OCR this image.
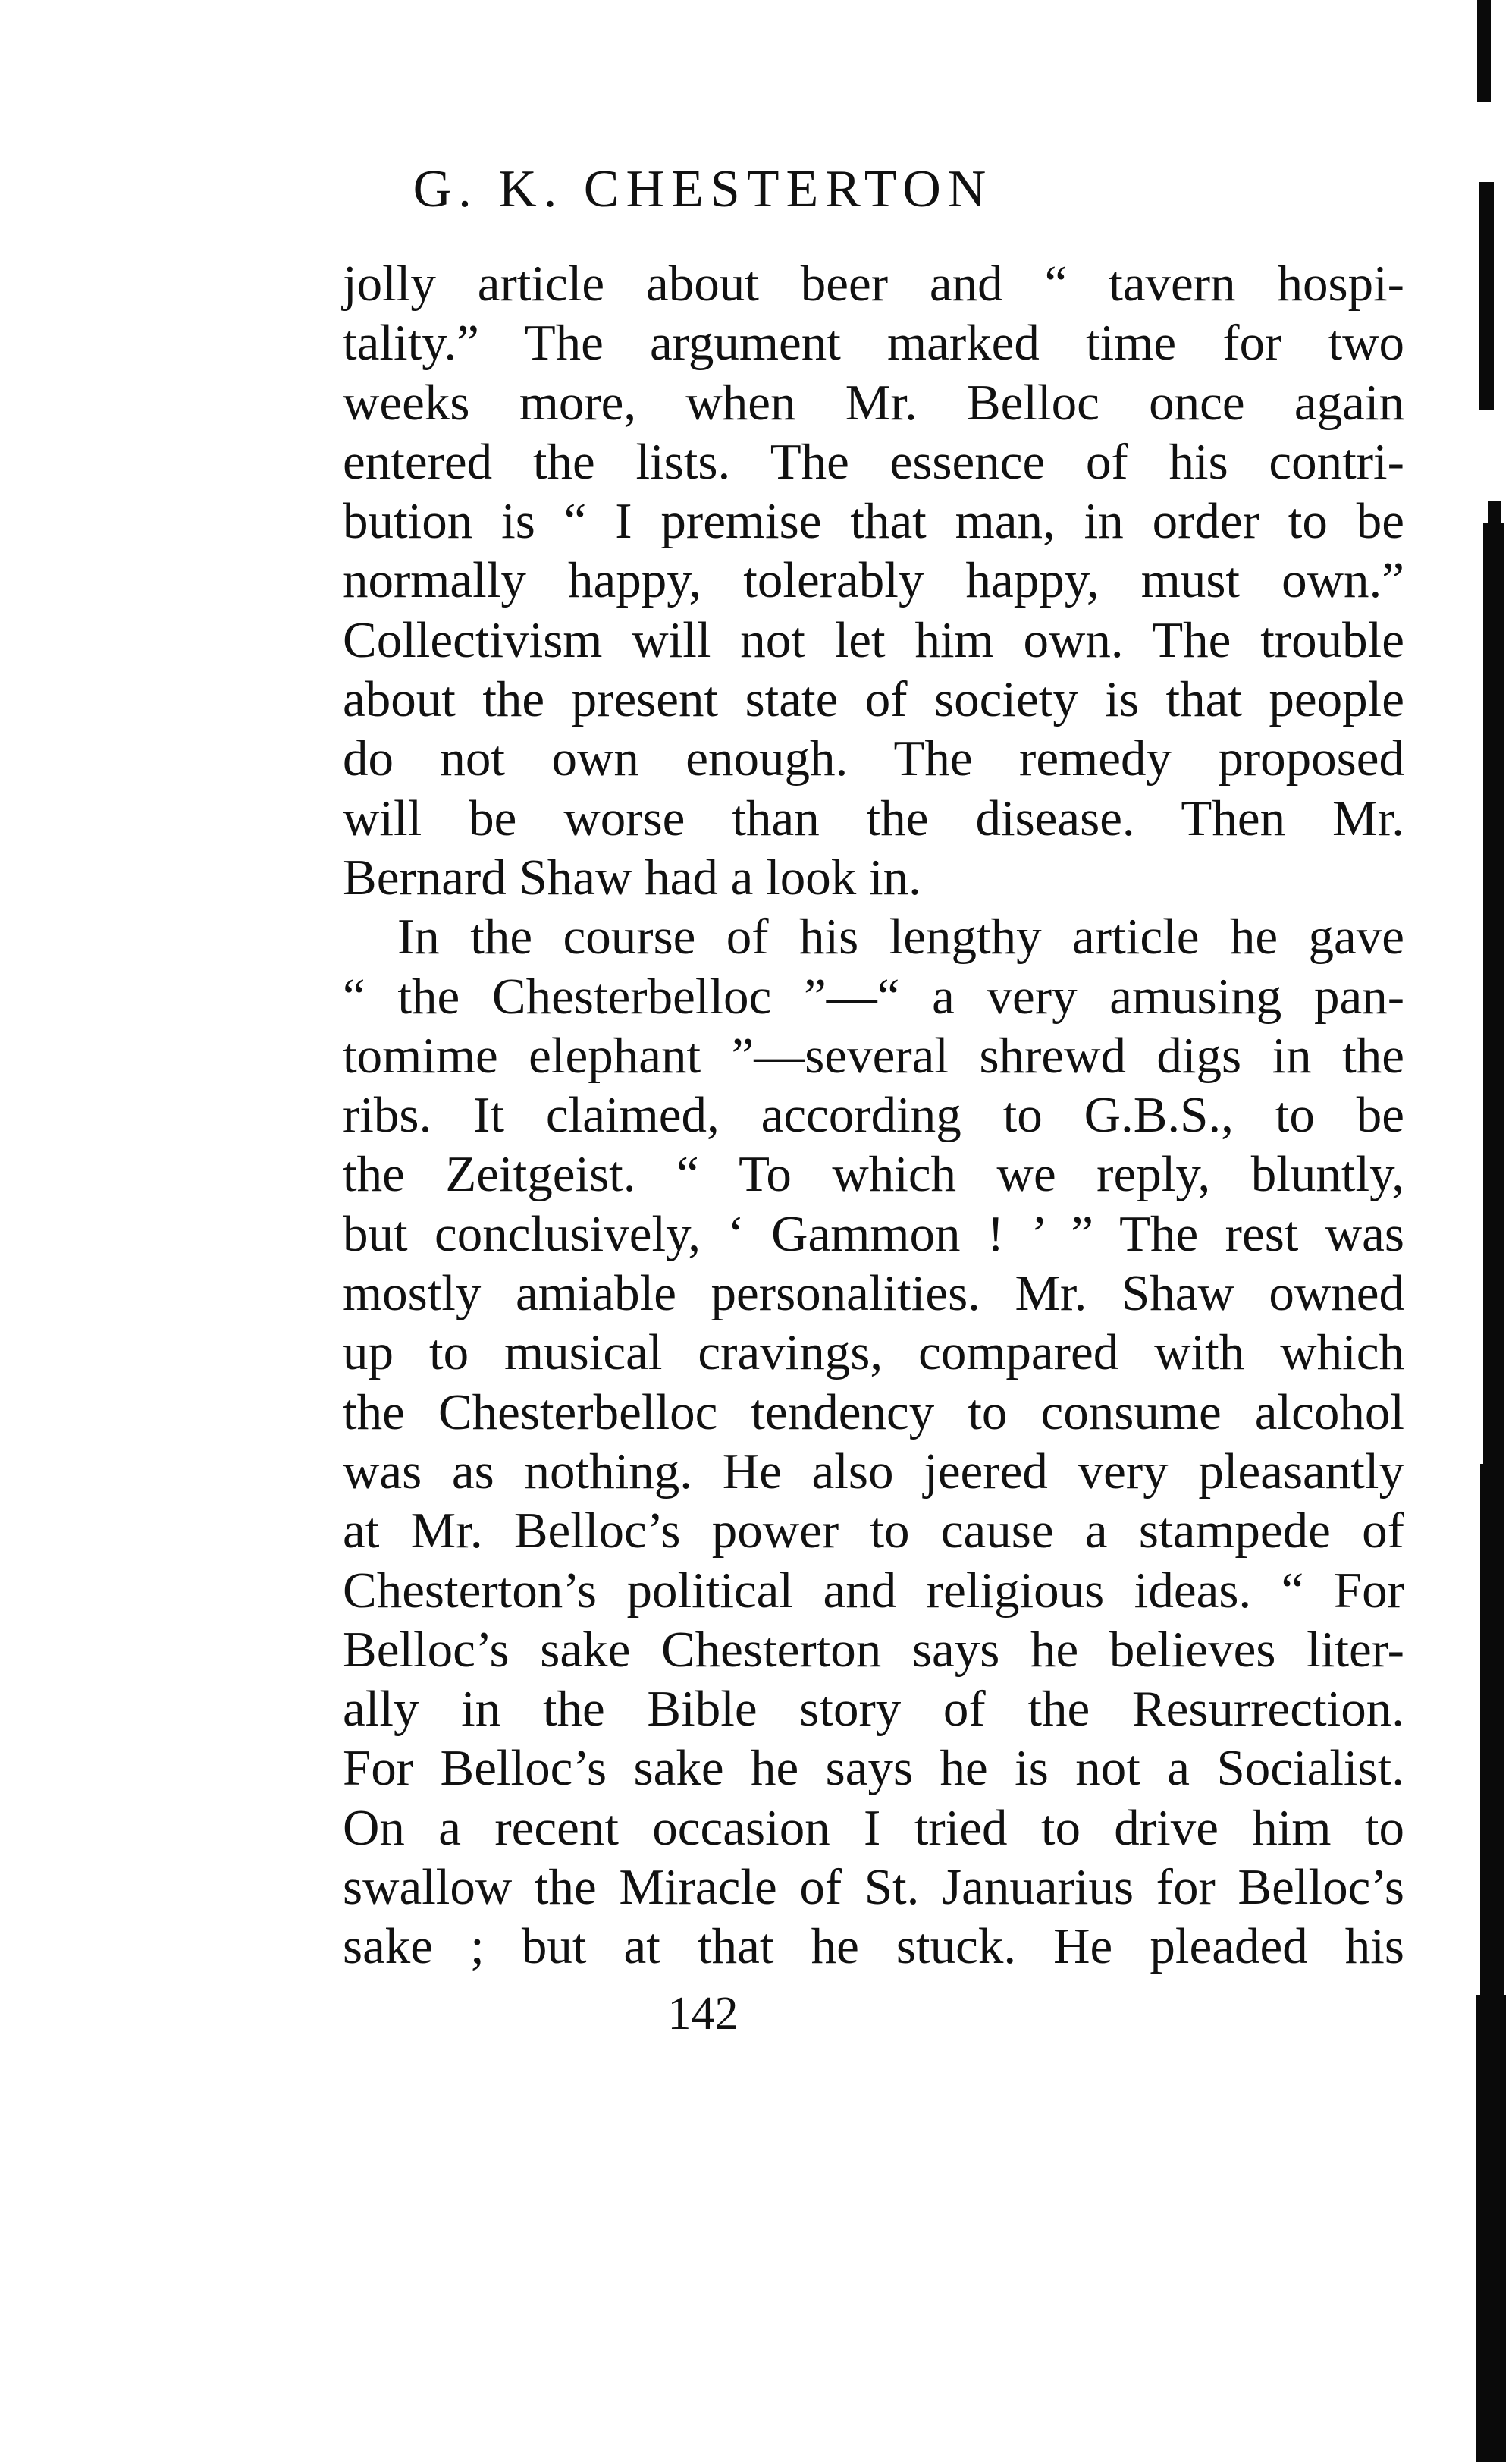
G. K. CHESTERTON
jolly article about beer and “ tavern hospi-
tality.” The argument marked time for two
weeks more, when Mr. Belloc once again
entered the lists. The essence of his contri-
bution is “ I premise that man, in order to be
normally happy, tolerably happy, must own.”
Collectivism will not let him own. The trouble
about the present state of society is that people
do not own enough. The remedy proposed
will be worse than the disease. Then Mr.
Bernard Shaw had a look in.
In the course of his lengthy article he gave
“ the Chesterbelloc ”—“ a very amusing pan-
tomime elephant ”—several shrewd digs in the
ribs. It claimed, according to G.B.S., to be
the Zeitgeist. “ To which we reply, bluntly,
but conclusively, ‘ Gammon ! ’ ” The rest was
mostly amiable personalities. Mr. Shaw owned
up to musical cravings, compared with which
the Chesterbelloc tendency to consume alcohol
was as nothing. He also jeered very pleasantly
at Mr. Belloc’s power to cause a stampede of
Chesterton’s political and religious ideas. “ For
Belloc’s sake Chesterton says he believes liter-
ally in the Bible story of the Resurrection.
For Belloc’s sake he says he is not a Socialist.
On a recent occasion I tried to drive him to
swallow the Miracle of St. Januarius for Belloc’s
sake ; but at that he stuck. He pleaded his
142
